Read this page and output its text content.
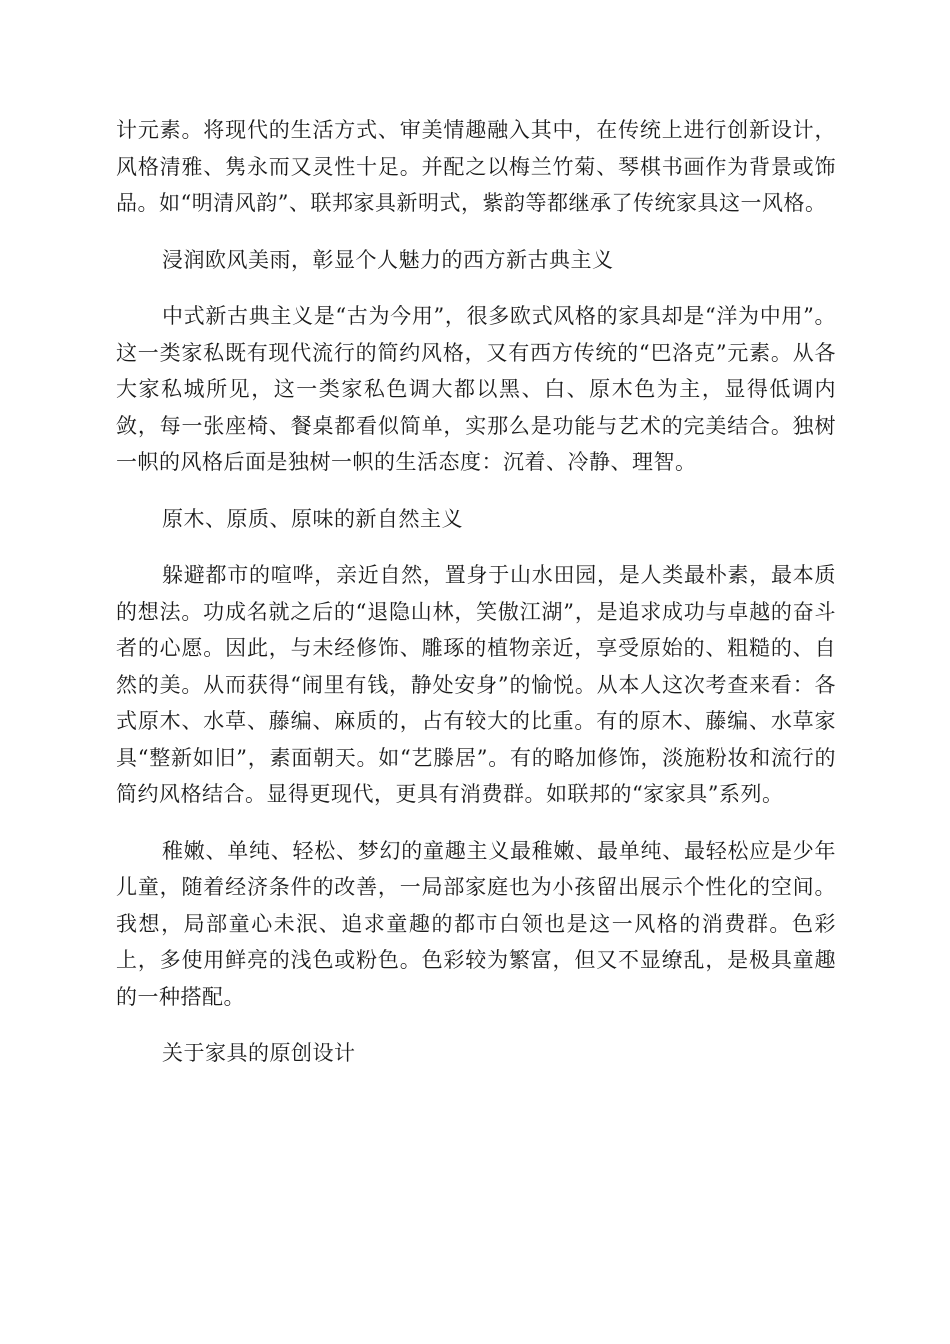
计元素。将现代的生活方式、审美情趣融入其中，在传统上进行创新设计，风格清雅、隽永而又灵性十足。并配之以梅兰竹菊、琴棋书画作为背景或饰品。如“明清风韵”、联邦家具新明式，紫韵等都继承了传统家具这一风格。

浸润欧风美雨，彰显个人魅力的西方新古典主义

中式新古典主义是“古为今用”，很多欧式风格的家具却是“洋为中用”。这一类家私既有现代流行的简约风格，又有西方传统的“巴洛克”元素。从各大家私城所见，这一类家私色调大都以黑、白、原木色为主，显得低调内敛，每一张座椅、餐桌都看似简单，实那么是功能与艺术的完美结合。独树一帜的风格后面是独树一帜的生活态度：沉着、冷静、理智。

原木、原质、原味的新自然主义

躲避都市的喧哗，亲近自然，置身于山水田园，是人类最朴素，最本质的想法。功成名就之后的“退隐山林，笑傲江湖”，是追求成功与卓越的奋斗者的心愿。因此，与未经修饰、雕琢的植物亲近，享受原始的、粗糙的、自然的美。从而获得“闹里有钱，静处安身”的愉悦。从本人这次考查来看：各式原木、水草、藤编、麻质的，占有较大的比重。有的原木、藤编、水草家具“整新如旧”，素面朝天。如“艺滕居”。有的略加修饰，淡施粉妆和流行的简约风格结合。显得更现代，更具有消费群。如联邦的“家家具”系列。

稚嫩、单纯、轻松、梦幻的童趣主义最稚嫩、最单纯、最轻松应是少年儿童，随着经济条件的改善，一局部家庭也为小孩留出展示个性化的空间。我想，局部童心未泯、追求童趣的都市白领也是这一风格的消费群。色彩上，多使用鲜亮的浅色或粉色。色彩较为繁富，但又不显缭乱，是极具童趣的一种搭配。

关于家具的原创设计
